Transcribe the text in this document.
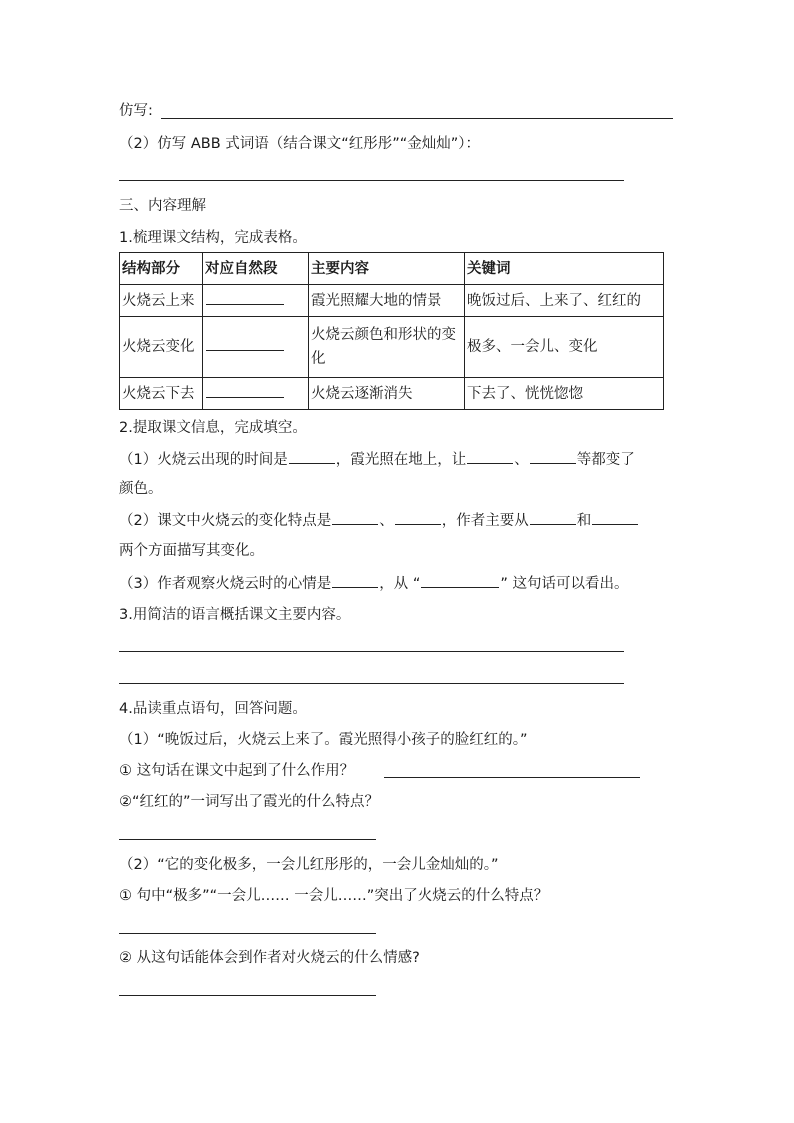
仿写:
（2）仿写 ABB 式词语（结合课文“红彤彤”“金灿灿”）：
三、内容理解
1.梳理课文结构，完成表格。
结构部分	对应自然段	主要内容	关键词
火烧云上来		霞光照耀大地的情景	晚饭过后、上来了、红红的
火烧云变化		火烧云颜色和形状的变化	极多、一会儿、变化
火烧云下去		火烧云逐渐消失	下去了、恍恍惚惚
2.提取课文信息，完成填空。
（1）火烧云出现的时间是	，霞光照在地上，让	、	等都变了
颜色。
（2）课文中火烧云的变化特点是	、	，作者主要从	和
两个方面描写其变化。
（3）作者观察火烧云时的心情是	，从 “	” 这句话可以看出。
3.用简洁的语言概括课文主要内容。
4.品读重点语句，回答问题。
（1）“晚饭过后，火烧云上来了。霞光照得小孩子的脸红红的。”
① 这句话在课文中起到了什么作用？
②“红红的”一词写出了霞光的什么特点？
（2）“它的变化极多，一会儿红彤彤的，一会儿金灿灿的。”
① 句中“极多”“一会儿…… 一会儿……”突出了火烧云的什么特点？
② 从这句话能体会到作者对火烧云的什么情感?
